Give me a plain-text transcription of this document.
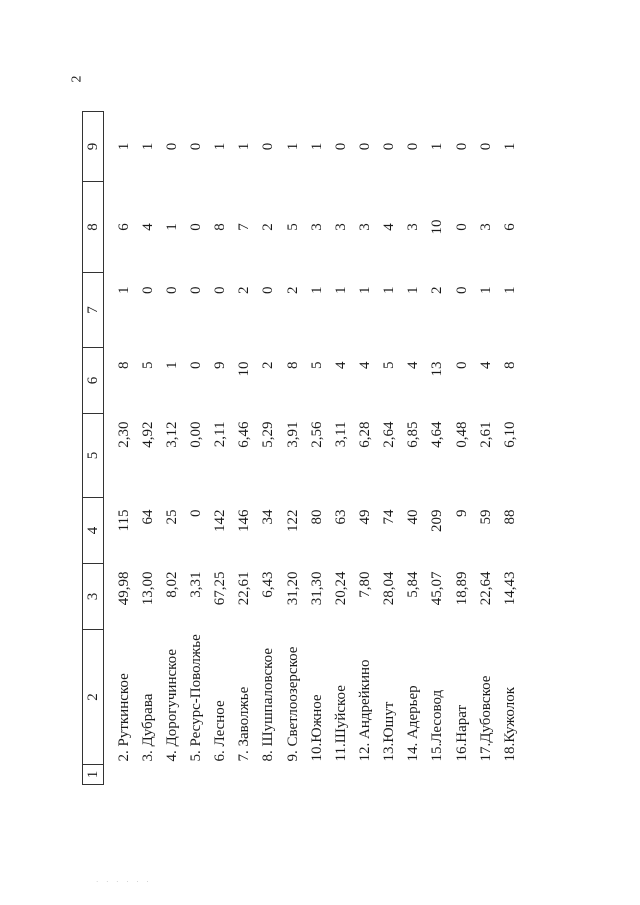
2
1	2	3	4	5	6	7	8	9
	2. Руткинское	49,98	115	2,30	8	1	6	1
	3. Дубрава	13,00	64	4,92	5	0	4	1
	4. Дорогучинское	8,02	25	3,12	1	0	1	0
	5. Ресурс-Поволжье	3,31	0	0,00	0	0	0	0
	6. Лесное	67,25	142	2,11	9	0	8	1
	7. Заволжье	22,61	146	6,46	10	2	7	1
	8. Шушпаловское	6,43	34	5,29	2	0	2	0
	9. Светлоозерское	31,20	122	3,91	8	2	5	1
	10.Южное	31,30	80	2,56	5	1	3	1
	11.Шуйское	20,24	63	3,11	4	1	3	0
	12. Андрейкино	7,80	49	6,28	4	1	3	0
	13.Юшут	28,04	74	2,64	5	1	4	0
	14. Адерьер	5,84	40	6,85	4	1	3	0
	15.Лесовод	45,07	209	4,64	13	2	10	1
	16.Нарат	18,89	9	0,48	0	0	0	0
	17.Дубовское	22,64	59	2,61	4	1	3	0
	18.Кужолок	14,43	88	6,10	8	1	6	1
· · · · · ·
